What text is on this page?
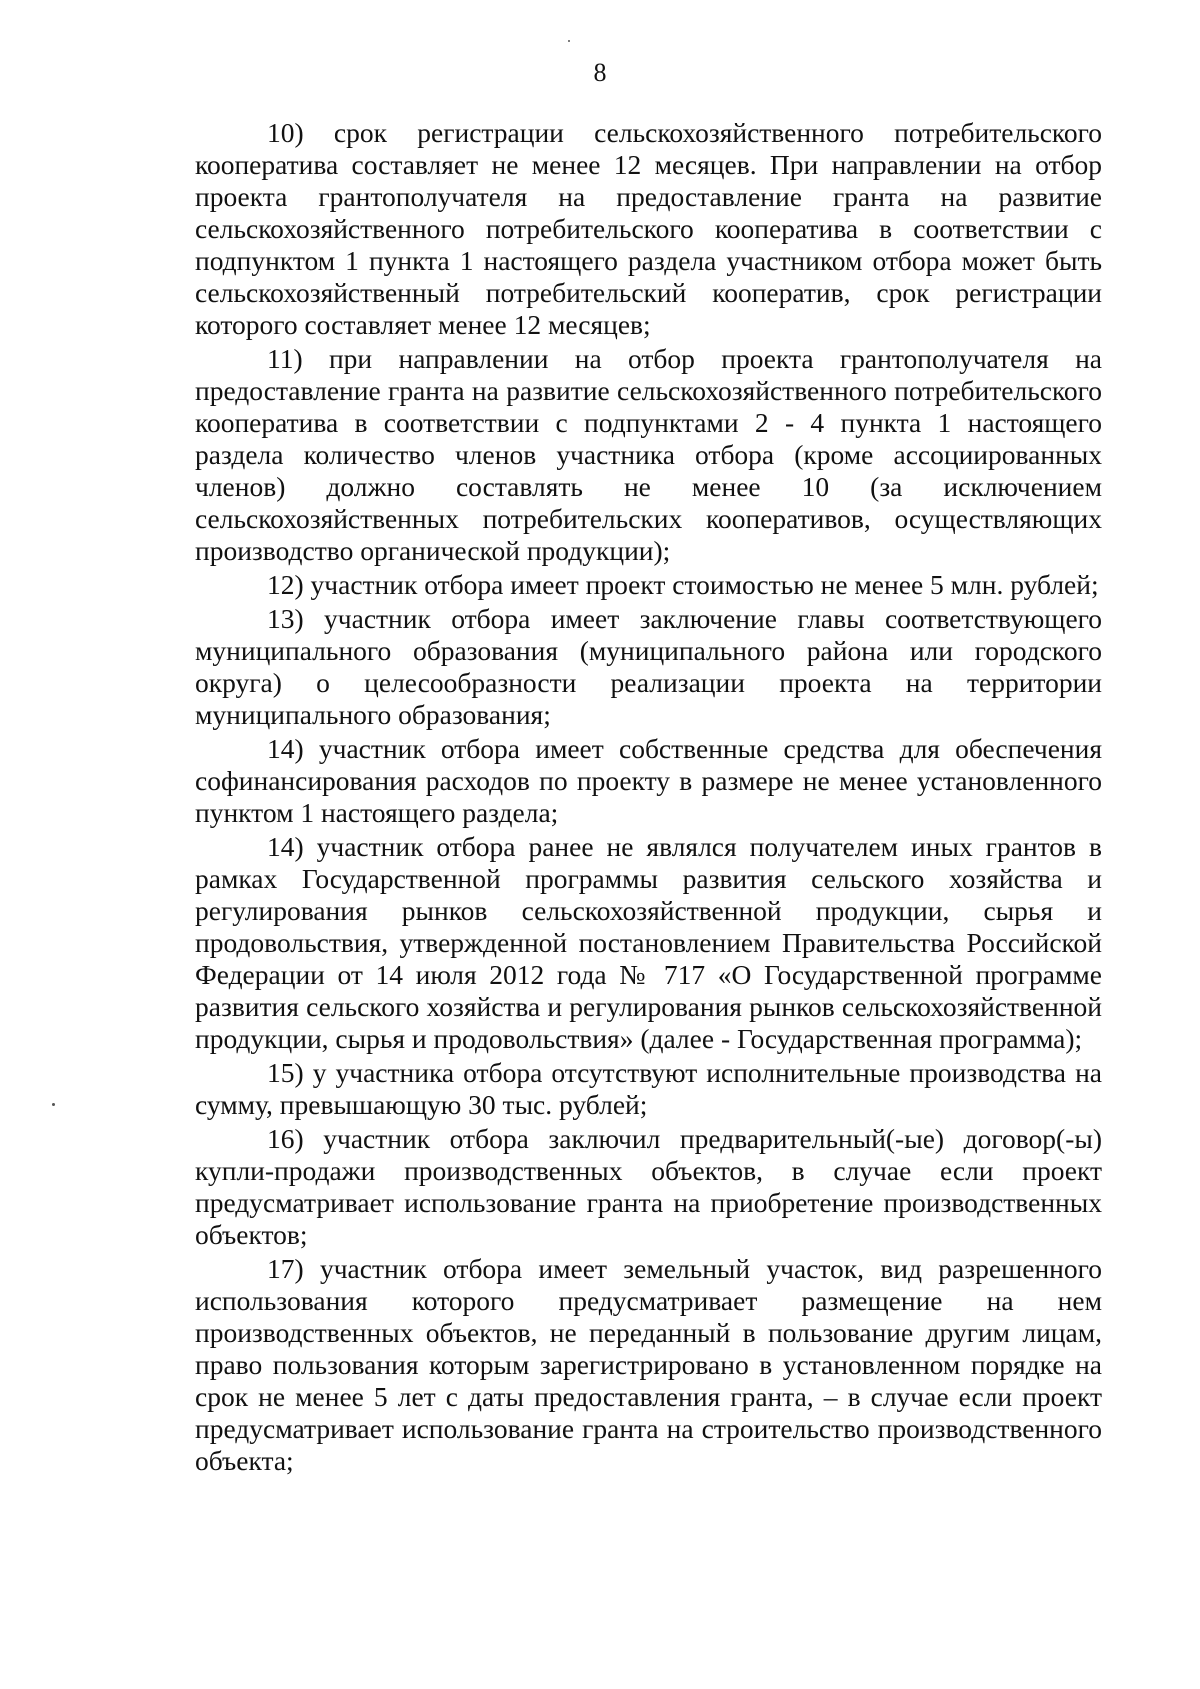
8

10) срок регистрации сельскохозяйственного потребительского кооператива составляет не менее 12 месяцев. При направлении на отбор проекта грантополучателя на предоставление гранта на развитие сельскохозяйственного потребительского кооператива в соответствии с подпунктом 1 пункта 1 настоящего раздела участником отбора может быть сельскохозяйственный потребительский кооператив, срок регистрации которого составляет менее 12 месяцев;

11) при направлении на отбор проекта грантополучателя на предоставление гранта на развитие сельскохозяйственного потребительского кооператива в соответствии с подпунктами 2 - 4 пункта 1 настоящего раздела количество членов участника отбора (кроме ассоциированных членов) должно составлять не менее 10 (за исключением сельскохозяйственных потребительских кооперативов, осуществляющих производство органической продукции);

12) участник отбора имеет проект стоимостью не менее 5 млн. рублей;

13) участник отбора имеет заключение главы соответствующего муниципального образования (муниципального района или городского округа) о целесообразности реализации проекта на территории муниципального образования;

14) участник отбора имеет собственные средства для обеспечения софинансирования расходов по проекту в размере не менее установленного пунктом 1 настоящего раздела;

14) участник отбора ранее не являлся получателем иных грантов в рамках Государственной программы развития сельского хозяйства и регулирования рынков сельскохозяйственной продукции, сырья и продовольствия, утвержденной постановлением Правительства Российской Федерации от 14 июля 2012 года № 717 «О Государственной программе развития сельского хозяйства и регулирования рынков сельскохозяйственной продукции, сырья и продовольствия» (далее - Государственная программа);

15) у участника отбора отсутствуют исполнительные производства на сумму, превышающую 30 тыс. рублей;

16) участник отбора заключил предварительный(-ые) договор(-ы) купли-продажи производственных объектов, в случае если проект предусматривает использование гранта на приобретение производственных объектов;

17) участник отбора имеет земельный участок, вид разрешенного использования которого предусматривает размещение на нем производственных объектов, не переданный в пользование другим лицам, право пользования которым зарегистрировано в установленном порядке на срок не менее 5 лет с даты предоставления гранта, – в случае если проект предусматривает использование гранта на строительство производственного объекта;
